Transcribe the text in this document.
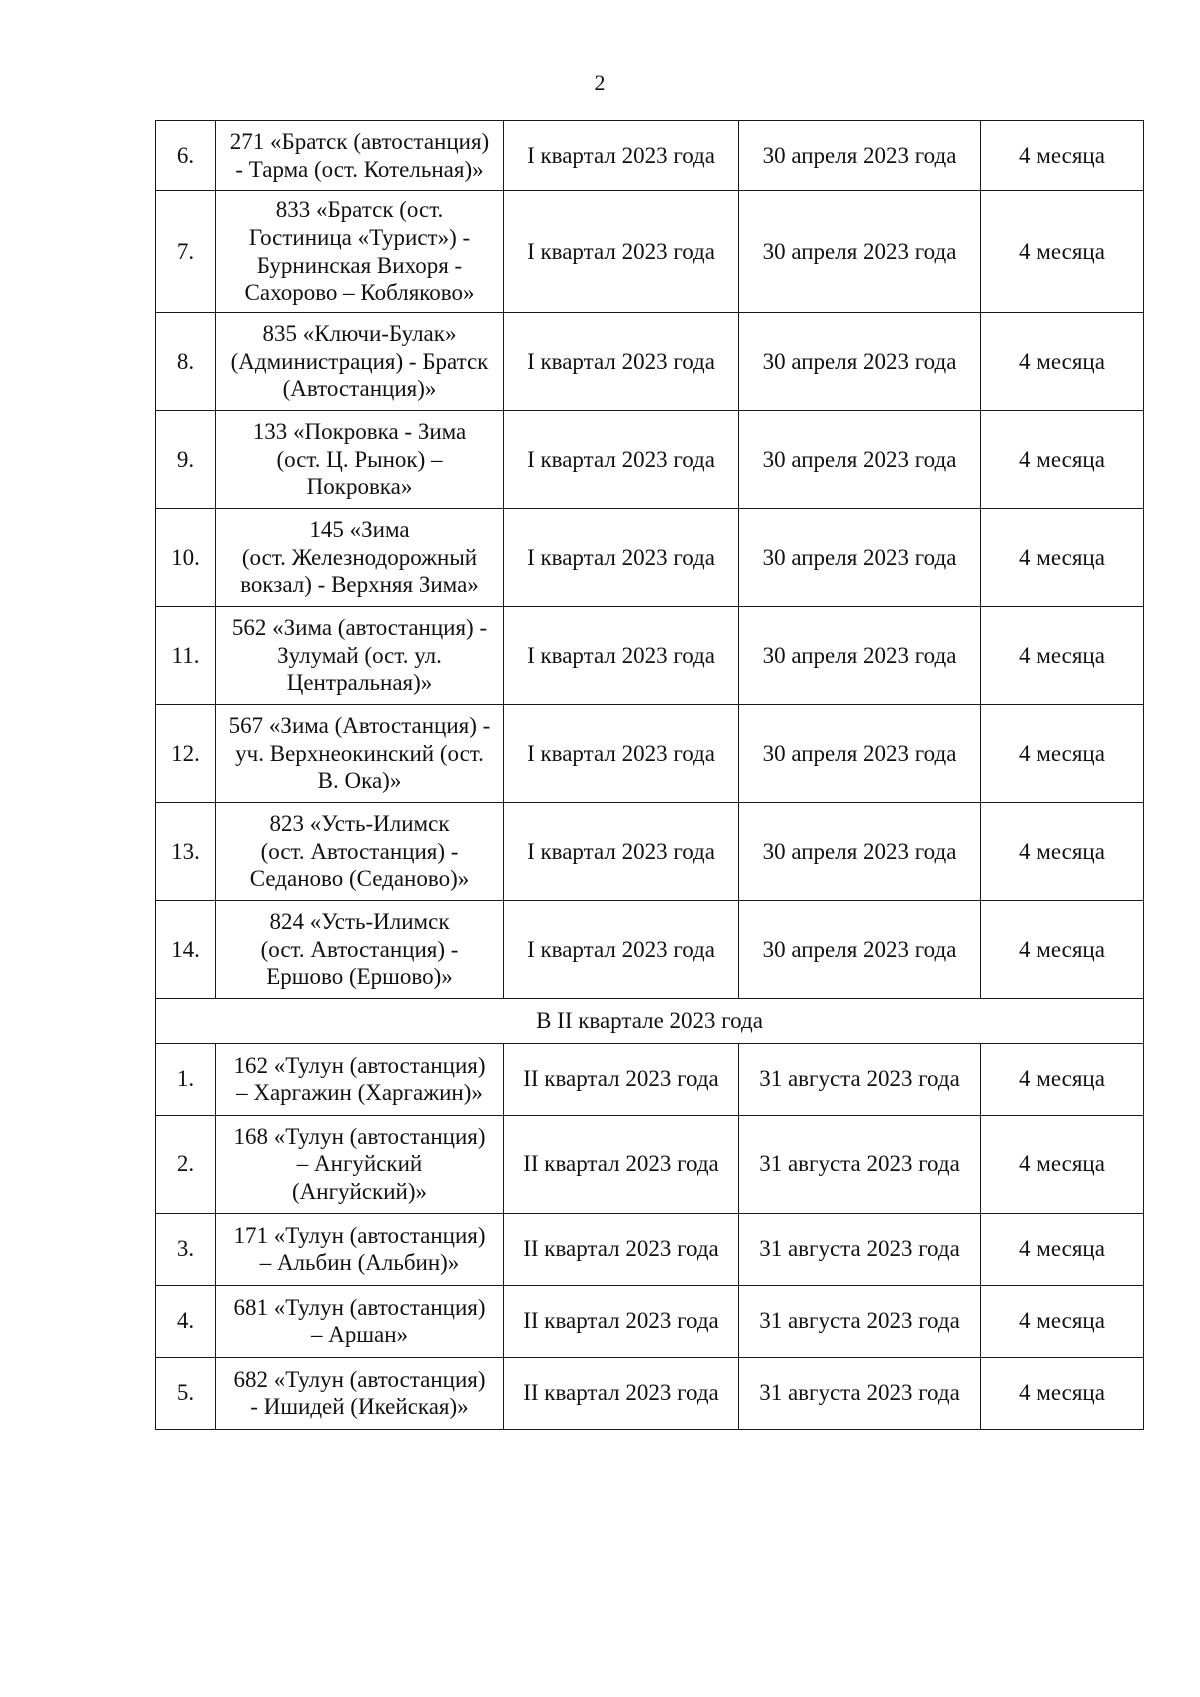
2
6.	271 «Братск (автостанция)
- Тарма (ост. Котельная)»	I квартал 2023 года	30 апреля 2023 года	4 месяца
7.	833 «Братск (ост.
Гостиница «Турист») -
Бурнинская Вихоря -
Сахорово – Кобляково»	I квартал 2023 года	30 апреля 2023 года	4 месяца
8.	835 «Ключи-Булак»
(Администрация) - Братск
(Автостанция)»	I квартал 2023 года	30 апреля 2023 года	4 месяца
9.	133 «Покровка - Зима
(ост. Ц. Рынок) –
Покровка»	I квартал 2023 года	30 апреля 2023 года	4 месяца
10.	145 «Зима
(ост. Железнодорожный
вокзал) - Верхняя Зима»	I квартал 2023 года	30 апреля 2023 года	4 месяца
11.	562 «Зима (автостанция) -
Зулумай (ост. ул.
Центральная)»	I квартал 2023 года	30 апреля 2023 года	4 месяца
12.	567 «Зима (Автостанция) -
уч. Верхнеокинский (ост.
В. Ока)»	I квартал 2023 года	30 апреля 2023 года	4 месяца
13.	823 «Усть-Илимск
(ост. Автостанция) -
Седаново (Седаново)»	I квартал 2023 года	30 апреля 2023 года	4 месяца
14.	824 «Усть-Илимск
(ост. Автостанция) -
Ершово (Ершово)»	I квартал 2023 года	30 апреля 2023 года	4 месяца
В II квартале 2023 года				
1.	162 «Тулун (автостанция)
– Харгажин (Харгажин)»	II квартал 2023 года	31 августа 2023 года	4 месяца
2.	168 «Тулун (автостанция)
– Ангуйский
(Ангуйский)»	II квартал 2023 года	31 августа 2023 года	4 месяца
3.	171 «Тулун (автостанция)
– Альбин (Альбин)»	II квартал 2023 года	31 августа 2023 года	4 месяца
4.	681 «Тулун (автостанция)
– Аршан»	II квартал 2023 года	31 августа 2023 года	4 месяца
5.	682 «Тулун (автостанция)
- Ишидей (Икейская)»	II квартал 2023 года	31 августа 2023 года	4 месяца
